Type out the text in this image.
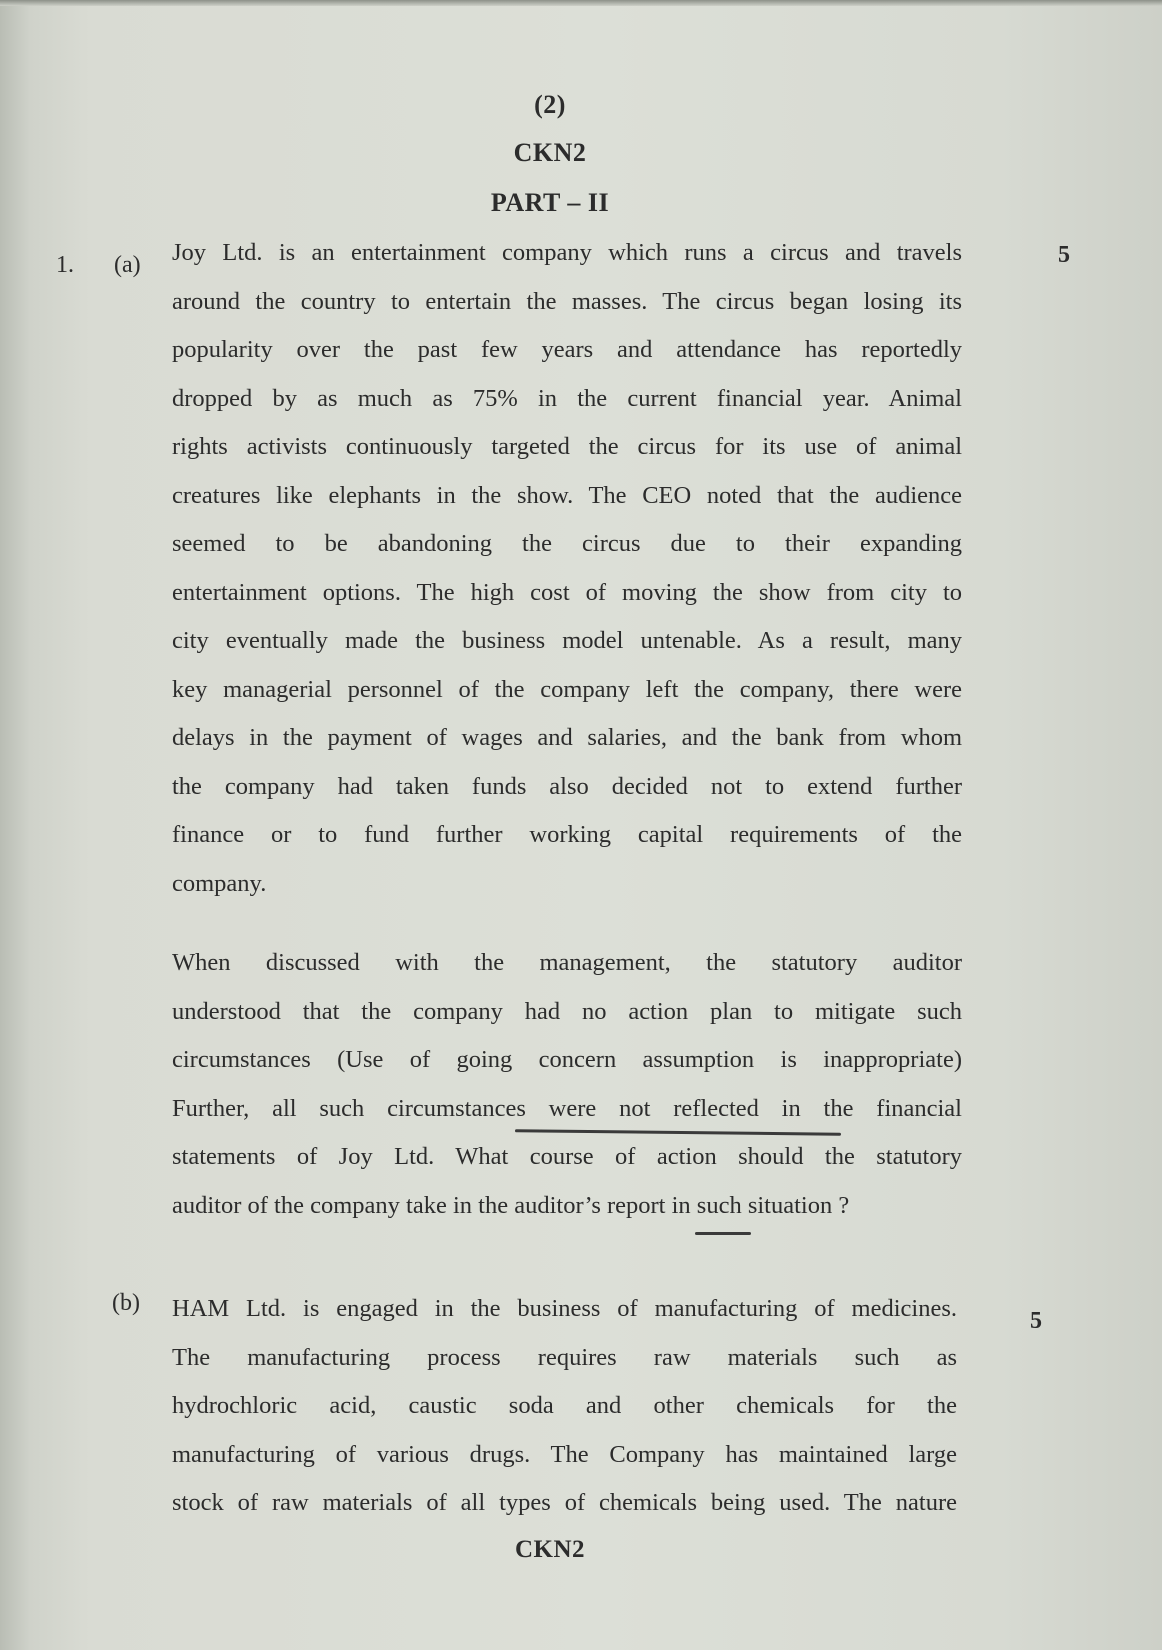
(2)
CKN2
PART – II
1. (a)	5
Joy Ltd. is an entertainment company which runs a circus and travels
around the country to entertain the masses. The circus began losing its
popularity over the past few years and attendance has reportedly
dropped by as much as 75% in the current financial year. Animal
rights activists continuously targeted the circus for its use of animal
creatures like elephants in the show. The CEO noted that the audience
seemed to be abandoning the circus due to their expanding
entertainment options. The high cost of moving the show from city to
city eventually made the business model untenable. As a result, many
key managerial personnel of the company left the company, there were
delays in the payment of wages and salaries, and the bank from whom
the company had taken funds also decided not to extend further
finance or to fund further working capital requirements of the
company.
When discussed with the management, the statutory auditor
understood that the company had no action plan to mitigate such
circumstances (Use of going concern assumption is inappropriate)
Further, all such circumstances were not reflected in the financial
statements of Joy Ltd. What course of action should the statutory
auditor of the company take in the auditor’s report in such situation ?
(b)
5
HAM Ltd. is engaged in the business of manufacturing of medicines.
The manufacturing process requires raw materials such as
hydrochloric acid, caustic soda and other chemicals for the
manufacturing of various drugs. The Company has maintained large
stock of raw materials of all types of chemicals being used. The nature
CKN2
